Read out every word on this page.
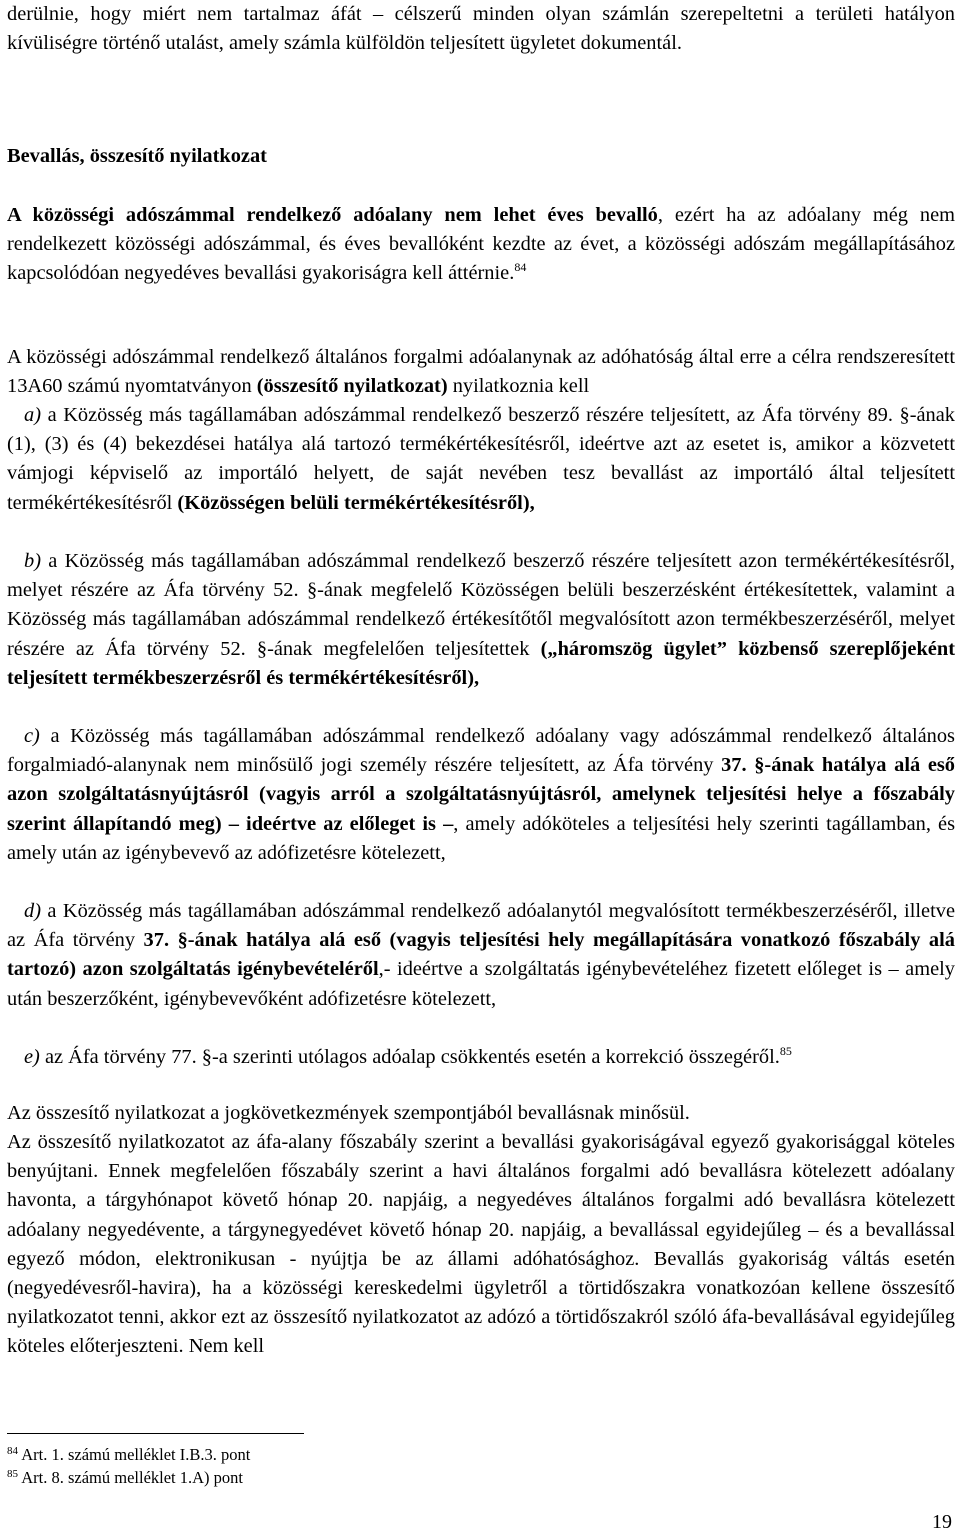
derülnie, hogy miért nem tartalmaz áfát – célszerű minden olyan számlán szerepeltetni a területi hatályon kívüliségre történő utalást, amely számla külföldön teljesített ügyletet dokumentál.

Bevallás, összesítő nyilatkozat

A közösségi adószámmal rendelkező adóalany nem lehet éves bevalló, ezért ha az adóalany még nem rendelkezett közösségi adószámmal, és éves bevallóként kezdte az évet, a közösségi adószám megállapításához kapcsolódóan negyedéves bevallási gyakoriságra kell áttérnie.$^{84}$

A közösségi adószámmal rendelkező általános forgalmi adóalanynak az adóhatóság által erre a célra rendszeresített 13A60 számú nyomtatványon (összesítő nyilatkozat) nyilatkoznia kell

a) a Közösség más tagállamában adószámmal rendelkező beszerző részére teljesített, az Áfa törvény 89. §-ának (1), (3) és (4) bekezdései hatálya alá tartozó termékértékesítésről, ideértve azt az esetet is, amikor a közvetett vámjogi képviselő az importáló helyett, de saját nevében tesz bevallást az importáló által teljesített termékértékesítésről (Közösségen belüli termékértékesítésről),

b) a Közösség más tagállamában adószámmal rendelkező beszerző részére teljesített azon termékértékesítésről, melyet részére az Áfa törvény 52. §-ának megfelelő Közösségen belüli beszerzésként értékesítettek, valamint a Közösség más tagállamában adószámmal rendelkező értékesítőtől megvalósított azon termékbeszerzéséről, melyet részére az Áfa törvény 52. §-ának megfelelően teljesítettek („háromszög ügylet” közbenső szereplőjeként teljesített termékbeszerzésről és termékértékesítésről),

c) a Közösség más tagállamában adószámmal rendelkező adóalany vagy adószámmal rendelkező általános forgalmiadó-alanynak nem minősülő jogi személy részére teljesített, az Áfa törvény 37. §-ának hatálya alá eső azon szolgáltatásnyújtásról (vagyis arról a szolgáltatásnyújtásról, amelynek teljesítési helye a főszabály szerint állapítandó meg) – ideértve az előleget is –, amely adóköteles a teljesítési hely szerinti tagállamban, és amely után az igénybevevő az adófizetésre kötelezett,

d) a Közösség más tagállamában adószámmal rendelkező adóalanytól megvalósított termékbeszerzéséről, illetve az Áfa törvény 37. §-ának hatálya alá eső (vagyis teljesítési hely megállapítására vonatkozó főszabály alá tartozó) azon szolgáltatás igénybevételéről,- ideértve a szolgáltatás igénybevételéhez fizetett előleget is – amely után beszerzőként, igénybevevőként adófizetésre kötelezett,

e) az Áfa törvény 77. §-a szerinti utólagos adóalap csökkentés esetén a korrekció összegéről.$^{85}$

Az összesítő nyilatkozat a jogkövetkezmények szempontjából bevallásnak minősül.

Az összesítő nyilatkozatot az áfa-alany főszabály szerint a bevallási gyakoriságával egyező gyakorisággal köteles benyújtani. Ennek megfelelően főszabály szerint a havi általános forgalmi adó bevallásra kötelezett adóalany havonta, a tárgyhónapot követő hónap 20. napjáig, a negyedéves általános forgalmi adó bevallásra kötelezett adóalany negyedévente, a tárgynegyedévet követő hónap 20. napjáig, a bevallással egyidejűleg – és a bevallással egyező módon, elektronikusan - nyújtja be az állami adóhatósághoz. Bevallás gyakoriság váltás esetén (negyedévesről-havira), ha a közösségi kereskedelmi ügyletről a törtidőszakra vonatkozóan kellene összesítő nyilatkozatot tenni, akkor ezt az összesítő nyilatkozatot az adózó a törtidőszakról szóló áfa-bevallásával egyidejűleg köteles előterjeszteni. Nem kell

$^{84}$ Art. 1. számú melléklet I.B.3. pont
$^{85}$ Art. 8. számú melléklet 1.A) pont
19
